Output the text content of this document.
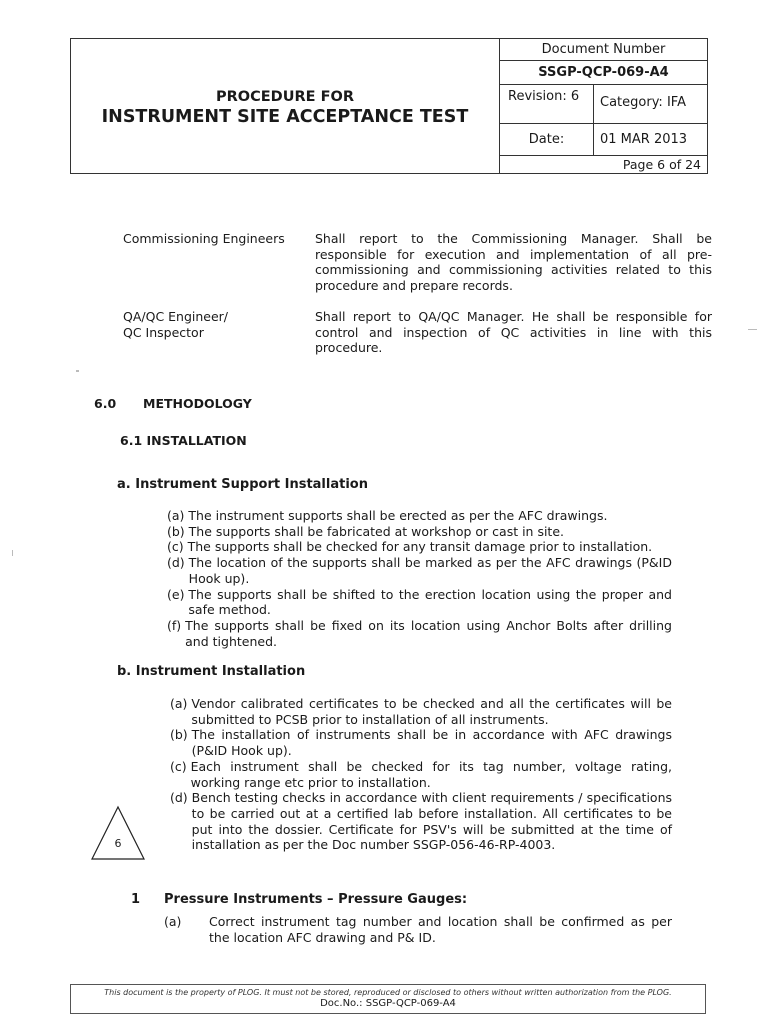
PROCEDURE FOR
INSTRUMENT SITE ACCEPTANCE TEST
Document Number
SSGP-QCP-069-A4
Revision: 6	Category: IFA
Date:	01 MAR 2013
Page 6 of 24
Commissioning Engineers Shall report to the Commissioning Manager. Shall be responsible for execution and implementation of all pre-commissioning and commissioning activities related to this procedure and prepare records.
QA/QC Engineer/
QC Inspector
Shall report to QA/QC Manager. He shall be responsible for control and inspection of QC activities in line with this procedure.
6.0 METHODOLOGY
6.1 INSTALLATION
a. Instrument Support Installation
(a) The instrument supports shall be erected as per the AFC drawings.
(b) The supports shall be fabricated at workshop or cast in site.
(c) The supports shall be checked for any transit damage prior to installation.
(d) The location of the supports shall be marked as per the AFC drawings (P&ID Hook up).
(e) The supports shall be shifted to the erection location using the proper and safe method.
(f) The supports shall be fixed on its location using Anchor Bolts after drilling and tightened.
b. Instrument Installation
(a) Vendor calibrated certificates to be checked and all the certificates will be submitted to PCSB prior to installation of all instruments.
(b) The installation of instruments shall be in accordance with AFC drawings (P&ID Hook up).
(c) Each instrument shall be checked for its tag number, voltage rating, working range etc prior to installation.
(d) Bench testing checks in accordance with client requirements / specifications to be carried out at a certified lab before installation. All certificates to be put into the dossier. Certificate for PSV's will be submitted at the time of installation as per the Doc number SSGP-056-46-RP-4003.
6
1 Pressure Instruments – Pressure Gauges:
(a) Correct instrument tag number and location shall be confirmed as per the location AFC drawing and P& ID.
This document is the property of PLOG. It must not be stored, reproduced or disclosed to others without written authorization from the PLOG.
Doc.No.: SSGP-QCP-069-A4
